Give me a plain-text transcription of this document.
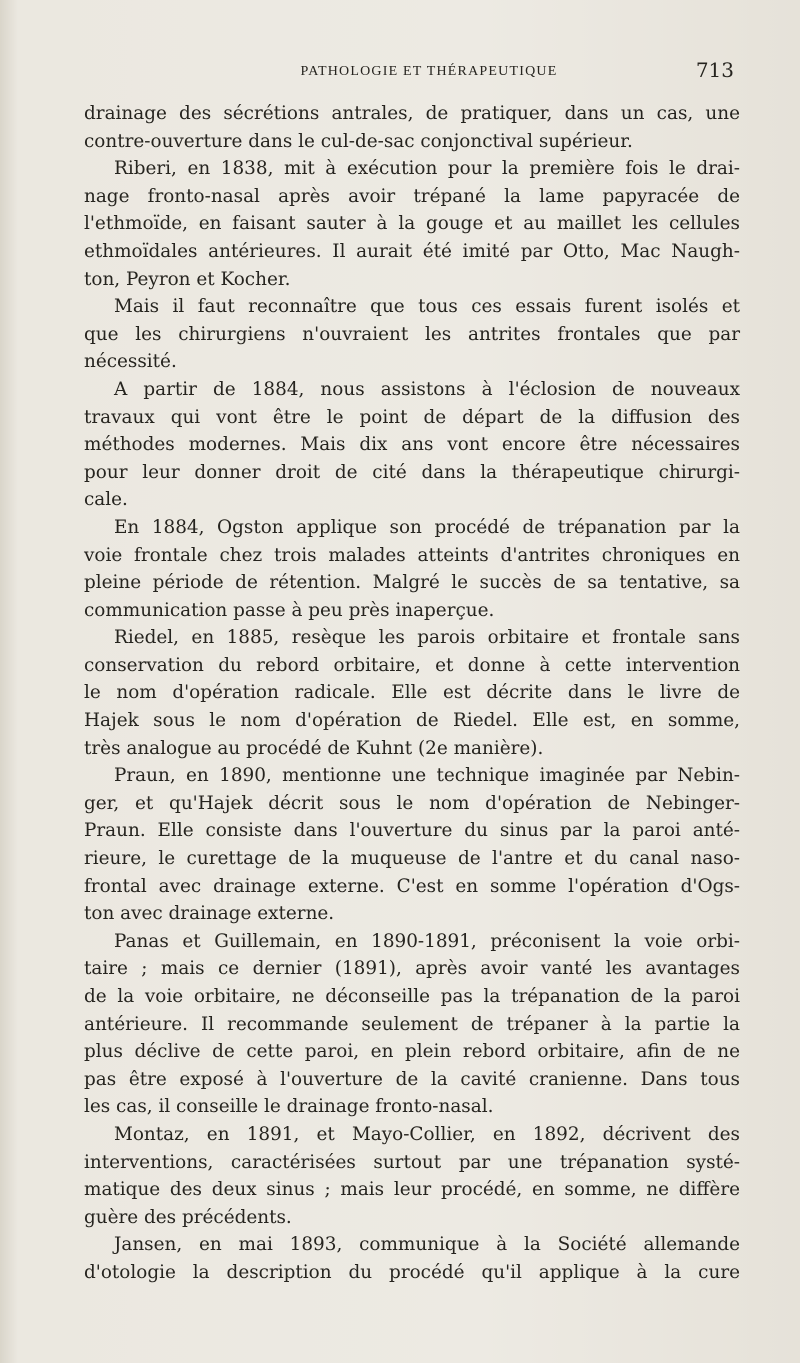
PATHOLOGIE ET THÉRAPEUTIQUE	713
drainage des sécrétions antrales, de pratiquer, dans un cas, une
contre-ouverture dans le cul-de-sac conjonctival supérieur.
Riberi, en 1838, mit à exécution pour la première fois le drai-
nage fronto-nasal après avoir trépané la lame papyracée de
l'ethmoïde, en faisant sauter à la gouge et au maillet les cellules
ethmoïdales antérieures. Il aurait été imité par Otto, Mac Naugh-
ton, Peyron et Kocher.
Mais il faut reconnaître que tous ces essais furent isolés et
que les chirurgiens n'ouvraient les antrites frontales que par
nécessité.
A partir de 1884, nous assistons à l'éclosion de nouveaux
travaux qui vont être le point de départ de la diffusion des
méthodes modernes. Mais dix ans vont encore être nécessaires
pour leur donner droit de cité dans la thérapeutique chirurgi-
cale.
En 1884, Ogston applique son procédé de trépanation par la
voie frontale chez trois malades atteints d'antrites chroniques en
pleine période de rétention. Malgré le succès de sa tentative, sa
communication passe à peu près inaperçue.
Riedel, en 1885, resèque les parois orbitaire et frontale sans
conservation du rebord orbitaire, et donne à cette intervention
le nom d'opération radicale. Elle est décrite dans le livre de
Hajek sous le nom d'opération de Riedel. Elle est, en somme,
très analogue au procédé de Kuhnt (2e manière).
Praun, en 1890, mentionne une technique imaginée par Nebin-
ger, et qu'Hajek décrit sous le nom d'opération de Nebinger-
Praun. Elle consiste dans l'ouverture du sinus par la paroi anté-
rieure, le curettage de la muqueuse de l'antre et du canal naso-
frontal avec drainage externe. C'est en somme l'opération d'Ogs-
ton avec drainage externe.
Panas et Guillemain, en 1890-1891, préconisent la voie orbi-
taire ; mais ce dernier (1891), après avoir vanté les avantages
de la voie orbitaire, ne déconseille pas la trépanation de la paroi
antérieure. Il recommande seulement de trépaner à la partie la
plus déclive de cette paroi, en plein rebord orbitaire, afin de ne
pas être exposé à l'ouverture de la cavité cranienne. Dans tous
les cas, il conseille le drainage fronto-nasal.
Montaz, en 1891, et Mayo-Collier, en 1892, décrivent des
interventions, caractérisées surtout par une trépanation systé-
matique des deux sinus ; mais leur procédé, en somme, ne diffère
guère des précédents.
Jansen, en mai 1893, communique à la Société allemande
d'otologie la description du procédé qu'il applique à la cure
